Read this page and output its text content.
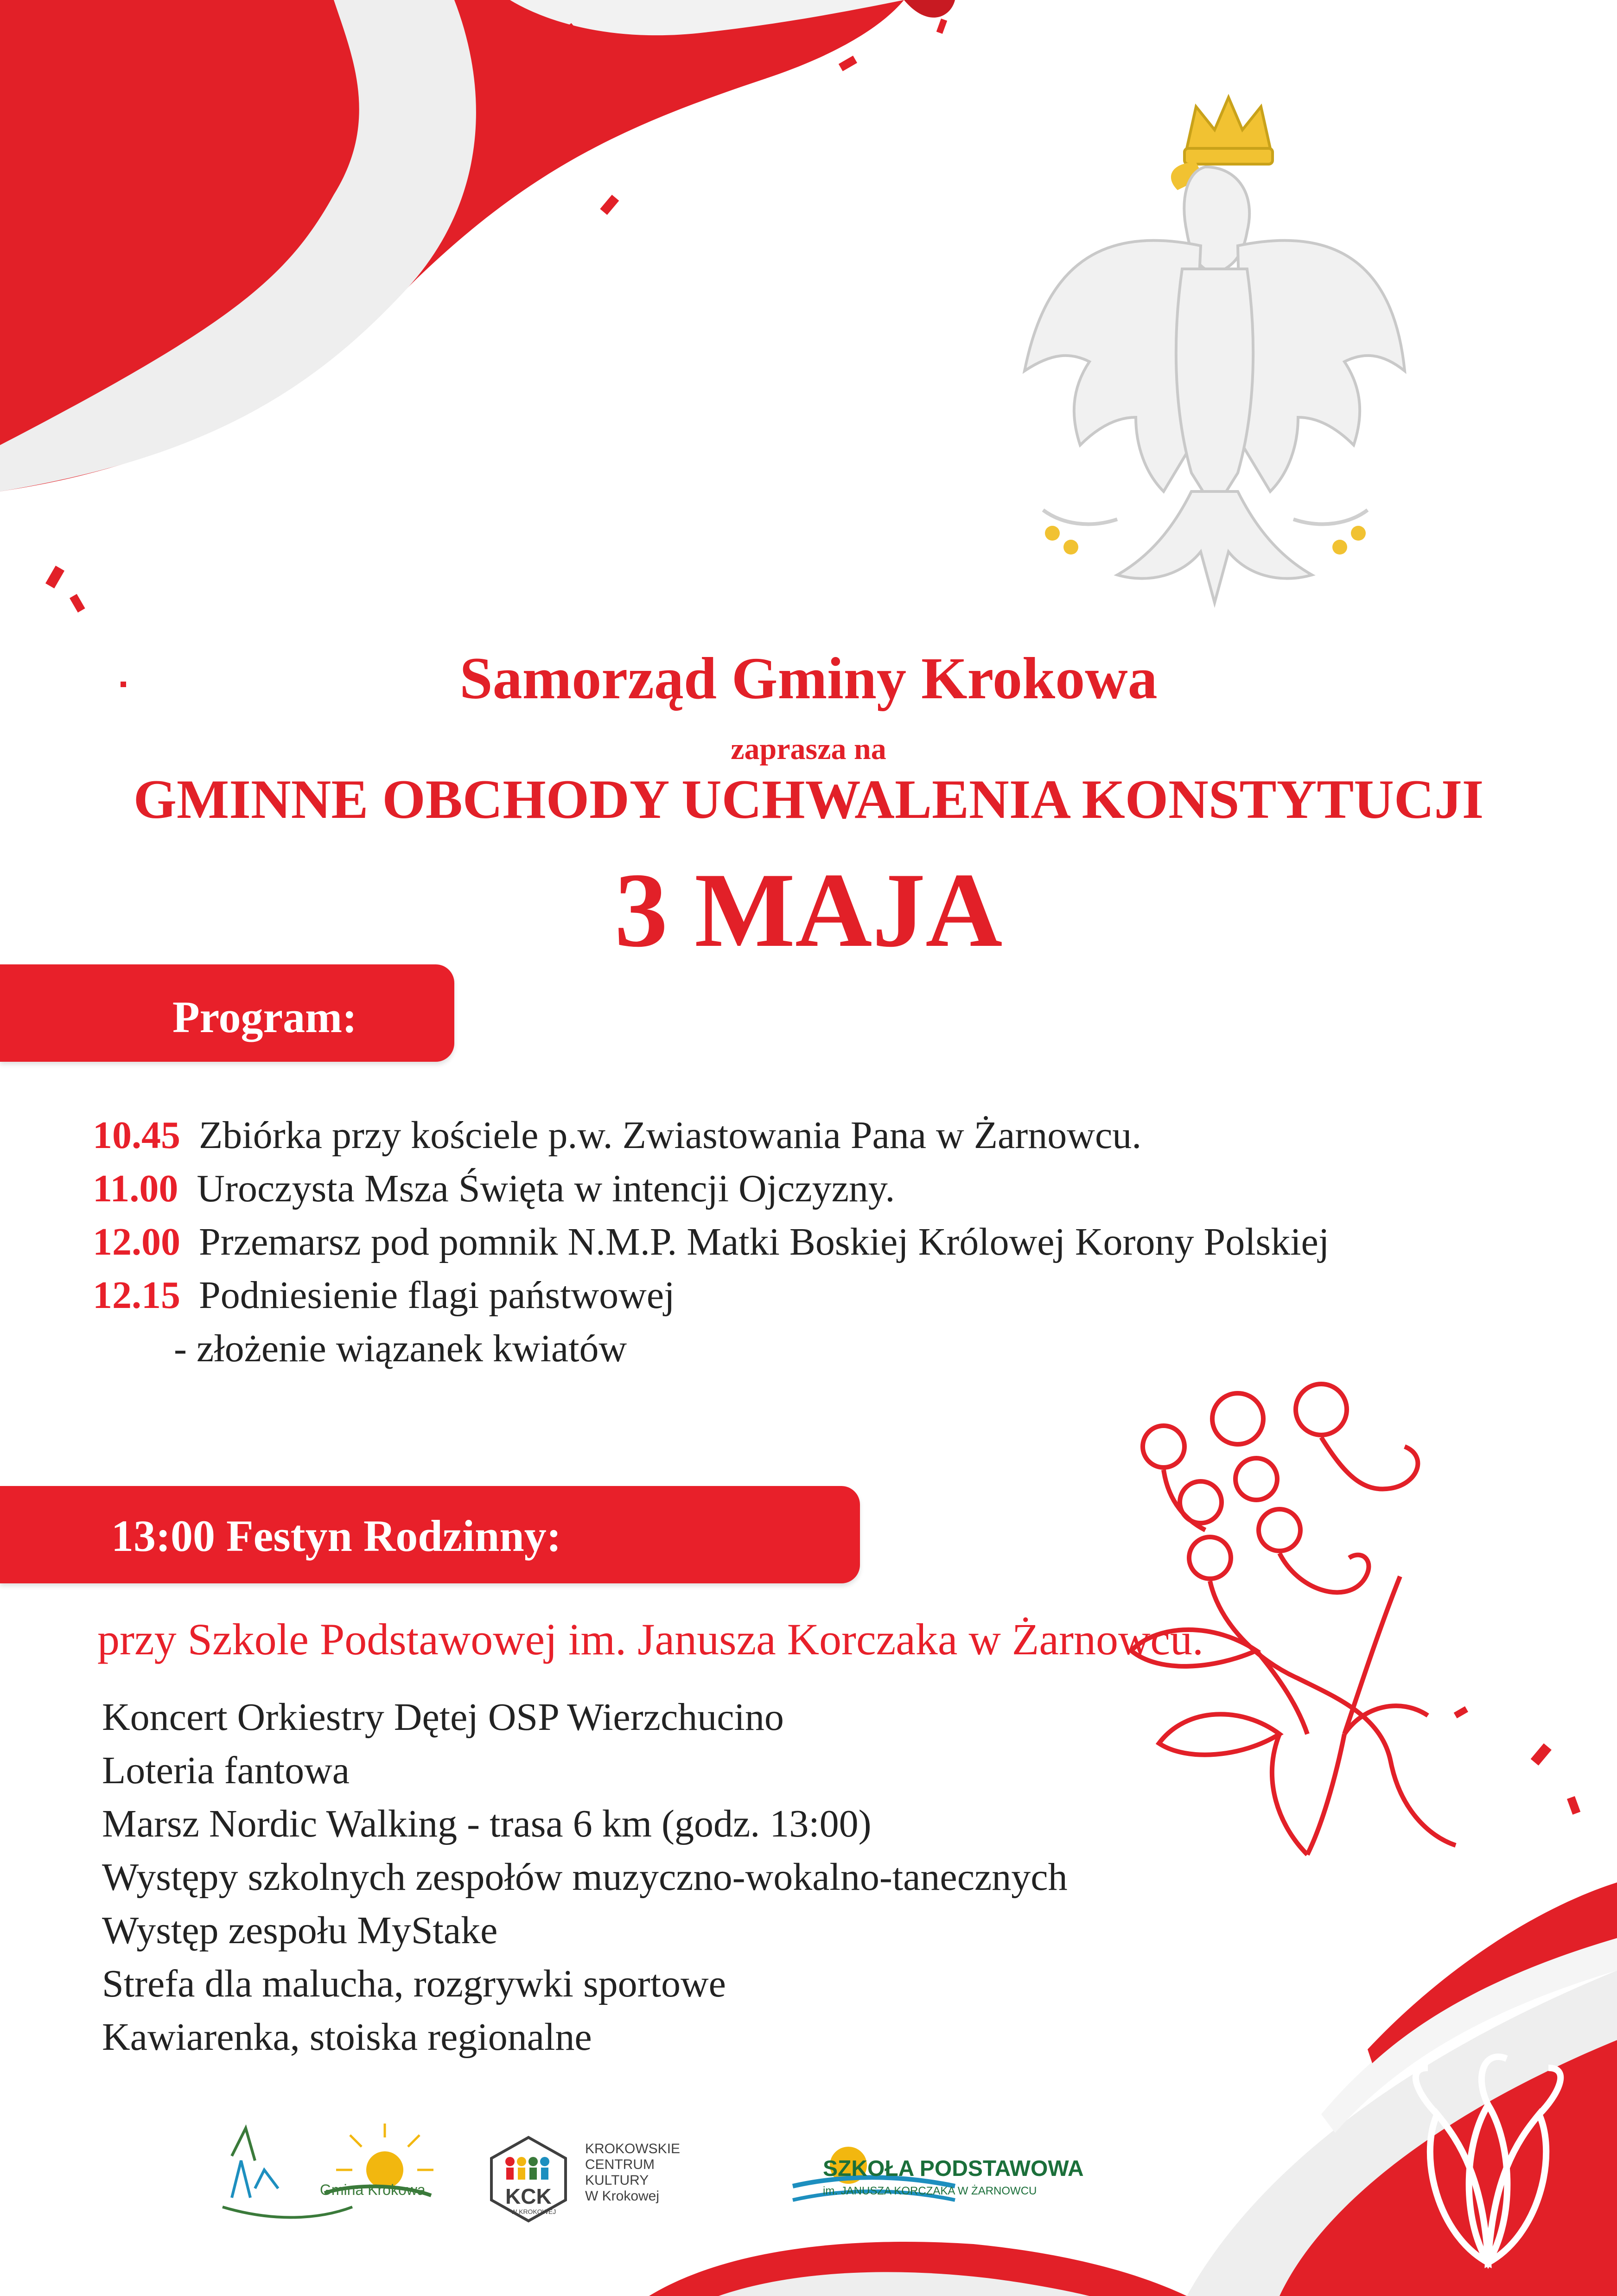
Samorząd Gminy Krokowa
zaprasza na
GMINNE OBCHODY UCHWALENIA KONSTYTUCJI
3 MAJA
Program:
10.45 Zbiórka przy kościele p.w. Zwiastowania Pana w Żarnowcu.
11.00 Uroczysta Msza Święta w intencji Ojczyzny.
12.00 Przemarsz pod pomnik N.M.P. Matki Boskiej Królowej Korony Polskiej
12.15 Podniesienie flagi państwowej
- złożenie wiązanek kwiatów
13:00 Festyn Rodzinny:
przy Szkole Podstawowej im. Janusza Korczaka w Żarnowcu.
Koncert Orkiestry Dętej OSP Wierzchucino
Loteria fantowa
Marsz Nordic Walking - trasa 6 km (godz. 13:00)
Występy szkolnych zespołów muzyczno-wokalno-tanecznych
Występ zespołu MyStake
Strefa dla malucha, rozgrywki sportowe
Kawiarenka, stoiska regionalne
Gmina Krokowa	KCK
W KROKOWEJ
KROKOWSKIE
CENTRUM
KULTURY
W Krokowej
SZKOŁA PODSTAWOWA
im. JANUSZA KORCZAKA W ŻARNOWCU
